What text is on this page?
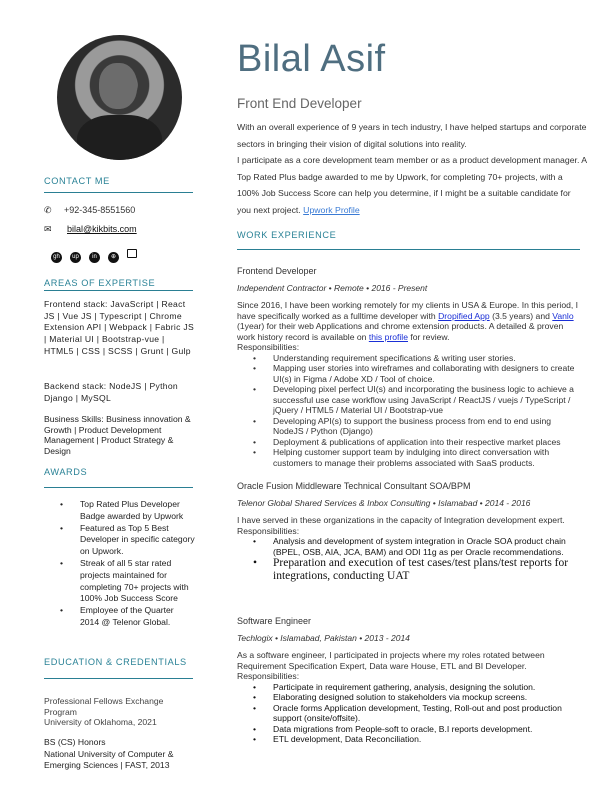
CONTACT ME
✆ +92-345-8551560
✉ bilal@kikbits.com
gh up in ⊕
AREAS OF EXPERTISE

Frontend stack: JavaScript | React JS | Vue JS | Typescript | Chrome Extension API | Webpack | Fabric JS | Material UI | Bootstrap-vue | HTML5 | CSS | SCSS | Grunt | Gulp

Backend stack: NodeJS | Python Django | MySQL

Business Skills: Business innovation & Growth | Product Development Management | Product Strategy & Design

AWARDS
• Top Rated Plus Developer Badge awarded by Upwork
• Featured as Top 5 Best Developer in specific category on Upwork.
• Streak of all 5 star rated projects maintained for completing 70+ projects with 100% Job Success Score
• Employee of the Quarter 2014 @ Telenor Global.
EDUCATION & CREDENTIALS
Professional Fellows Exchange Program
University of Oklahoma, 2021
BS (CS) Honors
National University of Computer & Emerging Sciences | FAST, 2013
Bilal Asif
Front End Developer
With an overall experience of 9 years in tech industry, I have helped startups and corporate sectors in bringing their vision of digital solutions into reality.
I participate as a core development team member or as a product development manager. A Top Rated Plus badge awarded to me by Upwork, for completing 70+ projects, with a 100% Job Success Score can help you determine, if I might be a suitable candidate for you next project. Upwork Profile
WORK EXPERIENCE
Frontend Developer
Independent Contractor • Remote • 2016 - Present
Since 2016, I have been working remotely for my clients in USA & Europe. In this period, I have specifically worked as a fulltime developer with Dropified App (3.5 years) and Vanlo (1year) for their web Applications and chrome extension products. A detailed & proven work history record is available on this profile for review.
Responsibilities:
• Understanding requirement specifications & writing user stories.
• Mapping user stories into wireframes and collaborating with designers to create UI(s) in Figma / Adobe XD / Tool of choice.
• Developing pixel perfect UI(s) and incorporating the business logic to achieve a successful use case workflow using JavaScript / ReactJS / vuejs / TypeScript / jQuery / HTML5 / Material UI / Bootstrap-vue
• Developing API(s) to support the business process from end to end using NodeJS / Python (Django)
• Deployment & publications of application into their respective market places
• Helping customer support team by indulging into direct conversation with customers to manage their problems associated with SaaS products.
Oracle Fusion Middleware Technical Consultant SOA/BPM
Telenor Global Shared Services & Inbox Consulting • Islamabad • 2014 - 2016
I have served in these organizations in the capacity of Integration development expert.
Responsibilities:
• Analysis and development of system integration in Oracle SOA product chain (BPEL, OSB, AIA, JCA, BAM) and ODI 11g as per Oracle recommendations.
• Preparation and execution of test cases/test plans/test reports for integrations, conducting UAT
Software Engineer
Techlogix • Islamabad, Pakistan • 2013 - 2014
As a software engineer, I participated in projects where my roles rotated between Requirement Specification Expert, Data ware House, ETL and BI Developer.
Responsibilities:
• Participate in requirement gathering, analysis, designing the solution.
• Elaborating designed solution to stakeholders via mockup screens.
• Oracle forms Application development, Testing, Roll-out and post production support (onsite/offsite).
• Data migrations from People-soft to oracle, B.I reports development.
• ETL development, Data Reconciliation.
